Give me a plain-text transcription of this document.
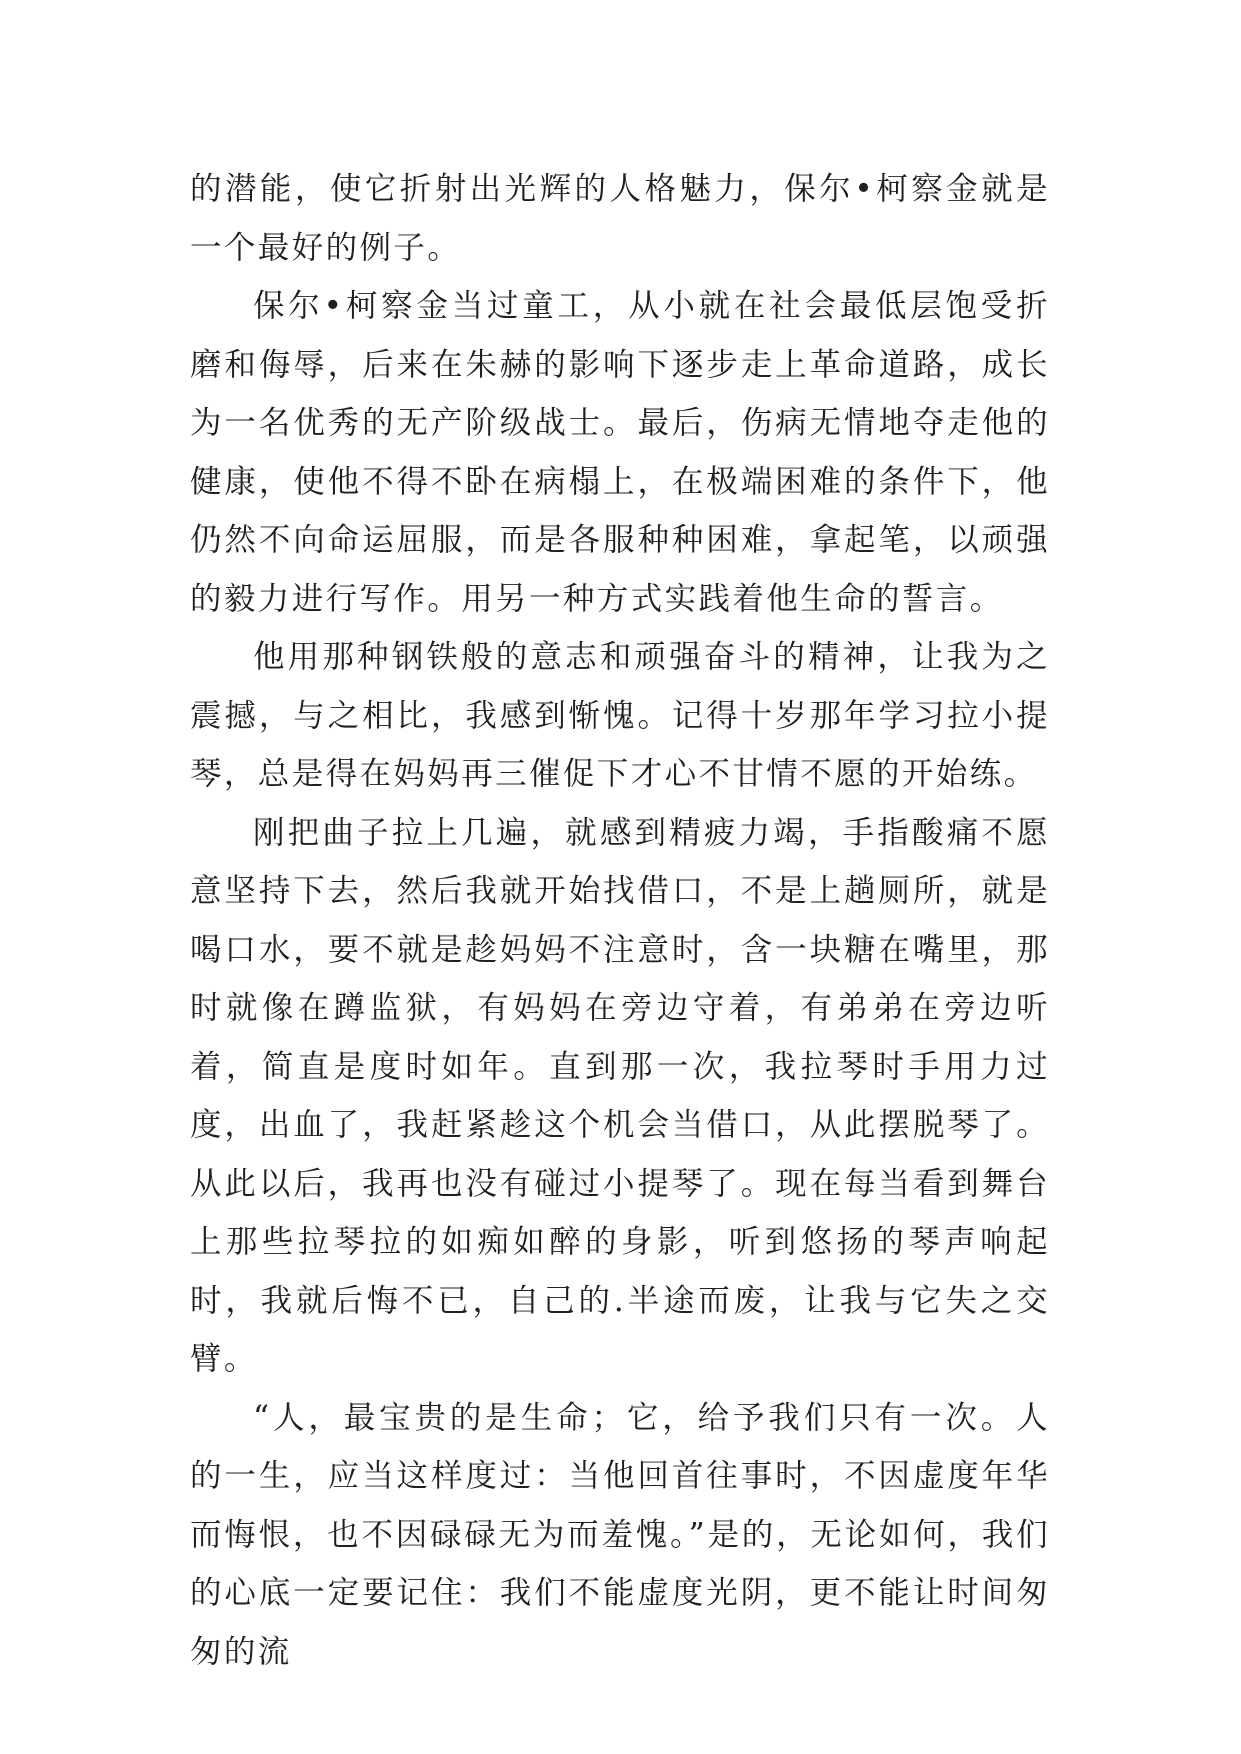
的潜能，使它折射出光辉的人格魅力，保尔•柯察金就是一个最好的例子。

保尔•柯察金当过童工，从小就在社会最低层饱受折磨和侮辱，后来在朱赫的影响下逐步走上革命道路，成长为一名优秀的无产阶级战士。最后，伤病无情地夺走他的健康，使他不得不卧在病榻上，在极端困难的条件下，他仍然不向命运屈服，而是各服种种困难，拿起笔，以顽强的毅力进行写作。用另一种方式实践着他生命的誓言。

他用那种钢铁般的意志和顽强奋斗的精神，让我为之震撼，与之相比，我感到惭愧。记得十岁那年学习拉小提琴，总是得在妈妈再三催促下才心不甘情不愿的开始练。

刚把曲子拉上几遍，就感到精疲力竭，手指酸痛不愿意坚持下去，然后我就开始找借口，不是上趟厕所，就是喝口水，要不就是趁妈妈不注意时，含一块糖在嘴里，那时就像在蹲监狱，有妈妈在旁边守着，有弟弟在旁边听着，简直是度时如年。直到那一次，我拉琴时手用力过度，出血了，我赶紧趁这个机会当借口，从此摆脱琴了。从此以后，我再也没有碰过小提琴了。现在每当看到舞台上那些拉琴拉的如痴如醉的身影，听到悠扬的琴声响起时，我就后悔不已，自己的.半途而废，让我与它失之交臂。

“人，最宝贵的是生命；它，给予我们只有一次。人的一生，应当这样度过：当他回首往事时，不因虚度年华而悔恨，也不因碌碌无为而羞愧。”是的，无论如何，我们的心底一定要记住：我们不能虚度光阴，更不能让时间匆匆的流
